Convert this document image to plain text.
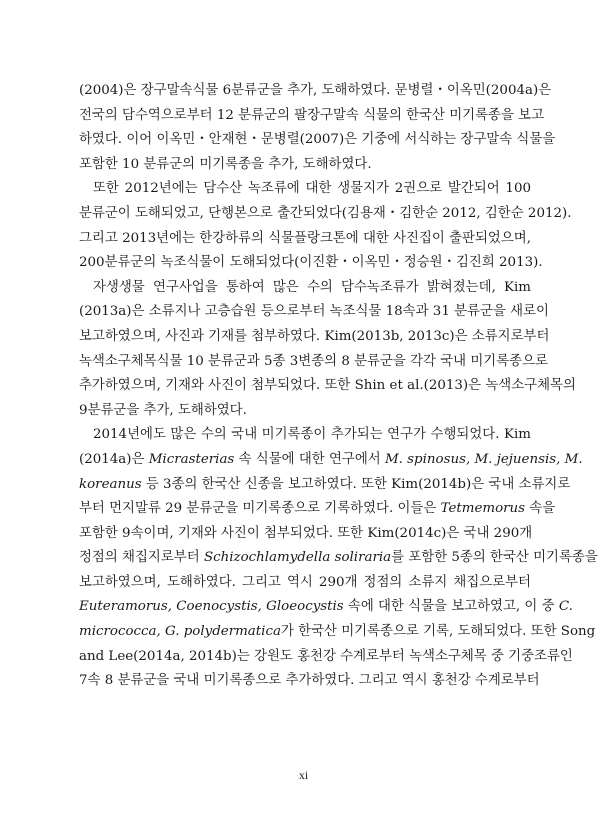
(2004)은 장구말속식물 6분류군을 추가, 도해하였다. 문병렬・이옥민(2004a)은
전국의 담수역으로부터 12 분류군의 팔장구말속 식물의 한국산 미기록종을 보고
하였다. 이어 이옥민・안재현・문병렬(2007)은 기중에 서식하는 장구말속 식물을
포함한 10 분류군의 미기록종을 추가, 도해하였다.
또한 2012년에는 담수산 녹조류에 대한 생물지가 2권으로 발간되어 100
분류군이 도해되었고, 단행본으로 출간되었다(김용재・김한순 2012, 김한순 2012).
그리고 2013년에는 한강하류의 식물플랑크톤에 대한 사진집이 출판되었으며,
200분류군의 녹조식물이 도해되었다(이진환・이옥민・정승원・김진희 2013).
자생생물 연구사업을 통하여 많은 수의 담수녹조류가 밝혀졌는데, Kim
(2013a)은 소류지나 고층습원 등으로부터 녹조식물 18속과 31 분류군을 새로이
보고하였으며, 사진과 기재를 첨부하였다. Kim(2013b, 2013c)은 소류지로부터
녹색소구체목식물 10 분류군과 5종 3변종의 8 분류군을 각각 국내 미기록종으로
추가하였으며, 기재와 사진이 첨부되었다. 또한 Shin et al.(2013)은 녹색소구체목의
9분류군을 추가, 도해하였다.
2014년에도 많은 수의 국내 미기록종이 추가되는 연구가 수행되었다. Kim
(2014a)은 Micrasterias 속 식물에 대한 연구에서 M. spinosus, M. jejuensis, M.
koreanus 등 3종의 한국산 신종을 보고하였다. 또한 Kim(2014b)은 국내 소류지로
부터 먼지말류 29 분류군을 미기록종으로 기록하였다. 이들은 Tetmemorus 속을
포함한 9속이며, 기재와 사진이 첨부되었다. 또한 Kim(2014c)은 국내 290개
정점의 채집지로부터 Schizochlamydella soliraria를 포함한 5종의 한국산 미기록종을
보고하였으며, 도해하였다. 그리고 역시 290개 정점의 소류지 채집으로부터
Euteramorus, Coenocystis, Gloeocystis 속에 대한 식물을 보고하였고, 이 중 C.
micrococca, G. polydermatica가 한국산 미기록종으로 기록, 도해되었다. 또한 Song
and Lee(2014a, 2014b)는 강원도 홍천강 수계로부터 녹색소구체목 중 기중조류인
7속 8 분류군을 국내 미기록종으로 추가하였다. 그리고 역시 홍천강 수계로부터
xi
